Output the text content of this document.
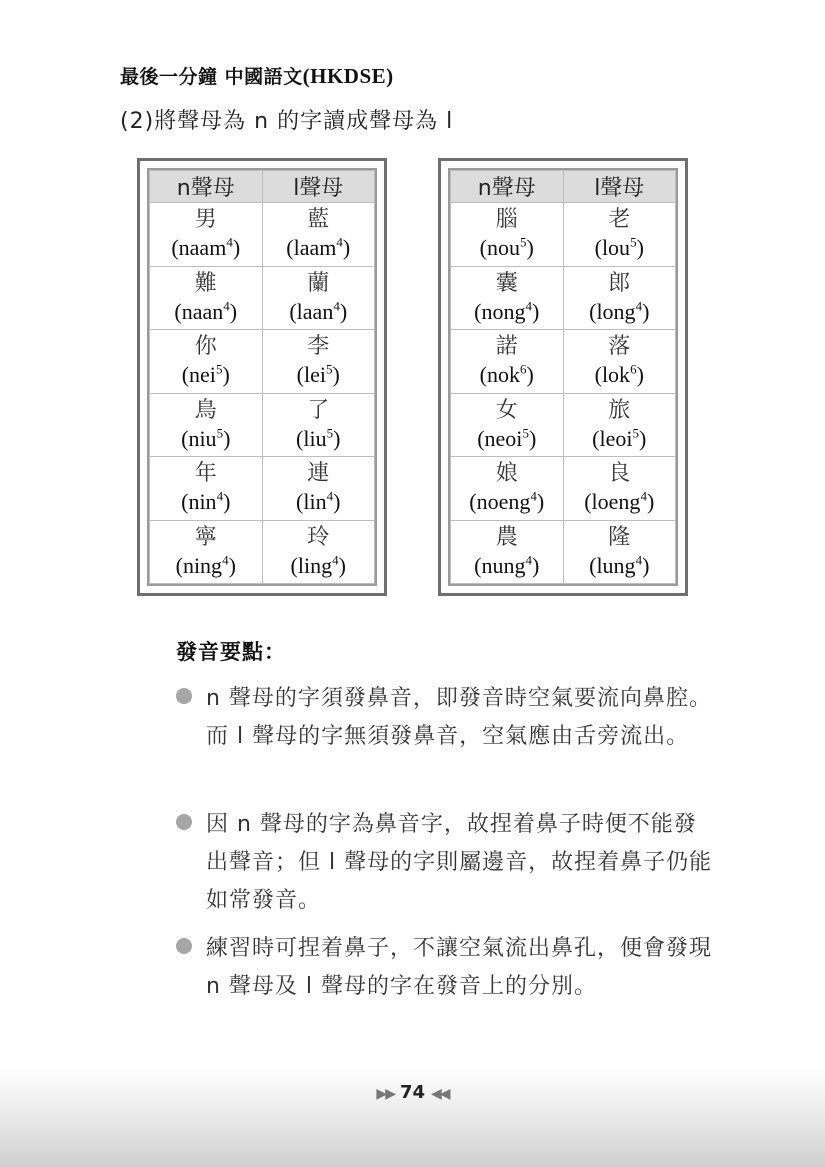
最後一分鐘 中國語文(HKDSE)
(2)將聲母為 n 的字讀成聲母為 l
n聲母	l聲母

男
(naam$^4$)	藍
(laam$^4$)

難
(naan$^4$)	蘭
(laan$^4$)

你
(nei$^5$)	李
(lei$^5$)

鳥
(niu$^5$)	了
(liu$^5$)

年
(nin$^4$)	連
(lin$^4$)

寧
(ning$^4$)	玲
(ling$^4$)
n聲母	l聲母

腦
(nou$^5$)	老
(lou$^5$)

囊
(nong$^4$)	郎
(long$^4$)

諾
(nok$^6$)	落
(lok$^6$)

女
(neoi$^5$)	旅
(leoi$^5$)

娘
(noeng$^4$)	良
(loeng$^4$)

農
(nung$^4$)	隆
(lung$^4$)
發音要點：
n 聲母的字須發鼻音，即發音時空氣要流向鼻腔。而 l 聲母的字無須發鼻音，空氣應由舌旁流出。
因 n 聲母的字為鼻音字，故捏着鼻子時便不能發出聲音；但 l 聲母的字則屬邊音，故捏着鼻子仍能如常發音。
練習時可捏着鼻子，不讓空氣流出鼻孔，便會發現 n 聲母及 l 聲母的字在發音上的分別。
▶▶ 74 ◀◀
